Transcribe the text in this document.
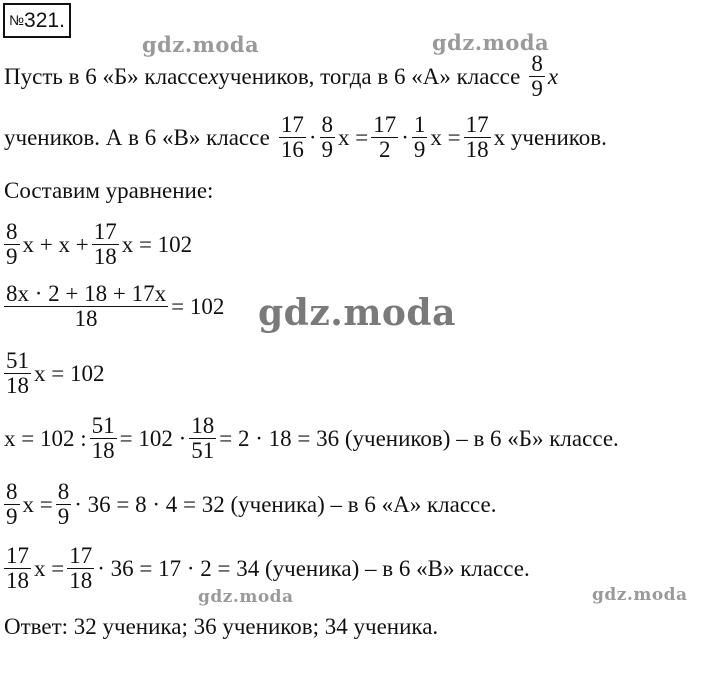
№321.
gdz.moda	gdz.moda
gdz.moda
gdz.moda	gdz.moda
Пусть в 6 «Б» классе x учеников, тогда в 6 «А» классе $\frac{8}{9}$ x
учеников. А в 6 «В» классе $\frac{17}{16} \cdot \frac{8}{9}$ $x = \frac{17}{2} \cdot \frac{1}{9}$ $x = \frac{17}{18}$ x учеников.
Составим уравнение:
$\frac{8}{9}$ $x + x + \frac{17}{18}$ x = 102
$\frac{8x \cdot 2 + 18 + 17x}{18} = 102$
$\frac{51}{18}$ x = 102
x = 102 : $\frac{51}{18} = 102 \cdot \frac{18}{51} = 2 \cdot 18 = 36$ (учеников) – в 6 «Б» классе.
$\frac{8}{9}$ $x = \frac{8}{9} \cdot 36 = 8 \cdot 4 = 32$ (ученика) – в 6 «А» классе.
$\frac{17}{18}$ $x = \frac{17}{18} \cdot 36 = 17 \cdot 2 = 34$ (ученика) – в 6 «В» классе.
Ответ: 32 ученика; 36 учеников; 34 ученика.
